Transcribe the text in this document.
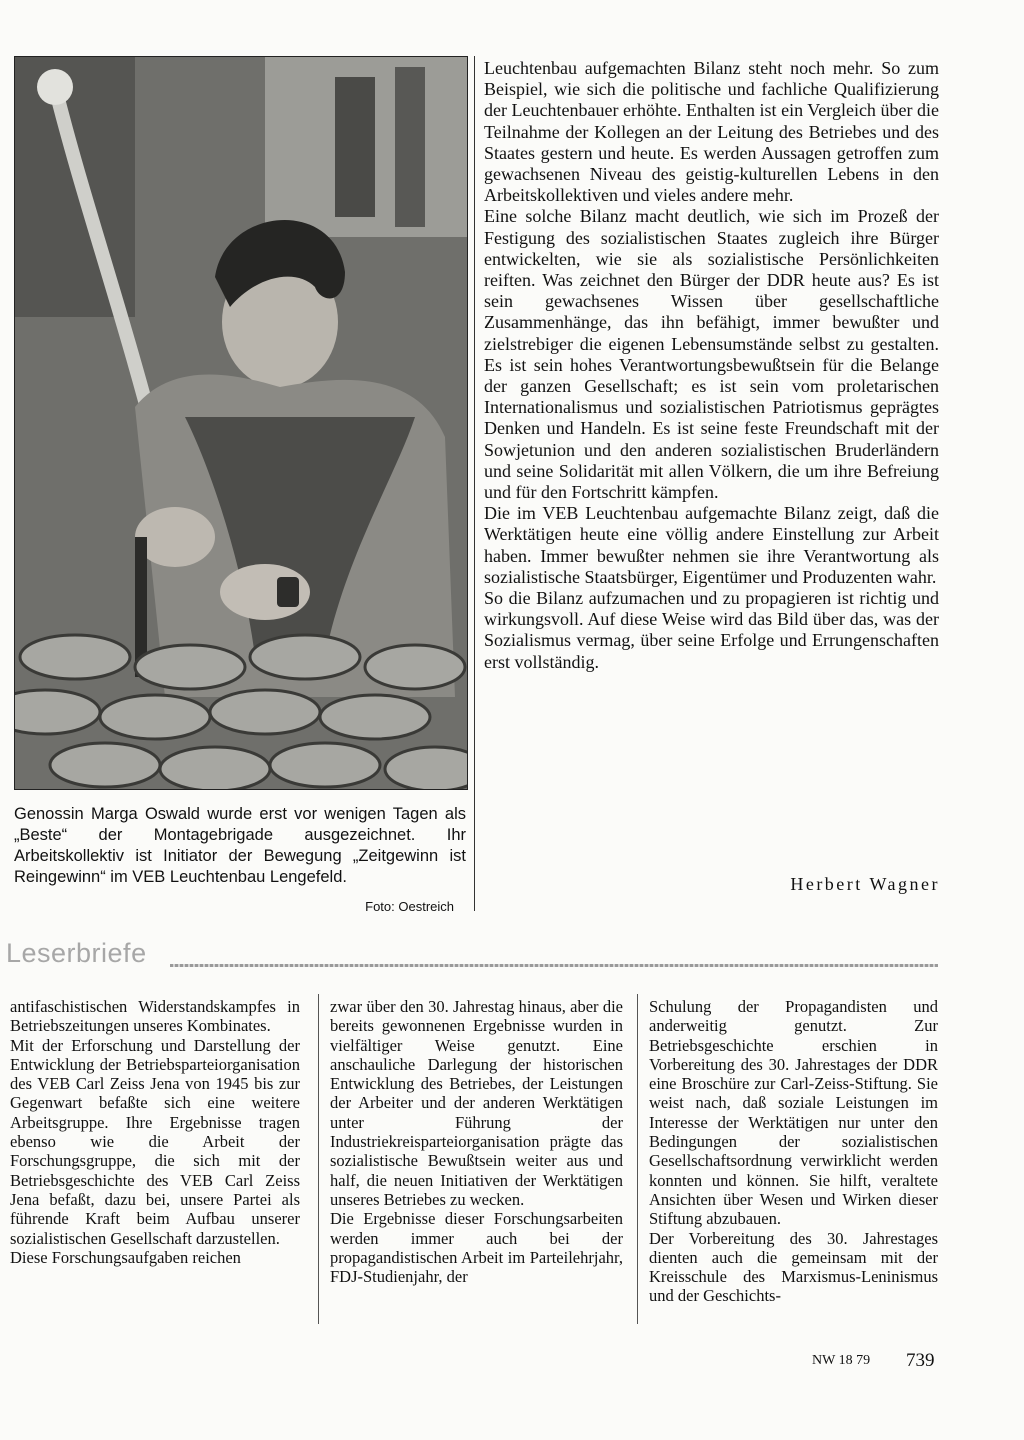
Genossin Marga Oswald wurde erst vor wenigen Tagen als „Beste“ der Montagebrigade ausgezeichnet. Ihr Arbeitskollektiv ist Initiator der Bewegung „Zeitgewinn ist Reingewinn“ im VEB Leuchtenbau Lengefeld.

Foto: Oestreich

Leuchtenbau aufgemachten Bilanz steht noch mehr. So zum Beispiel, wie sich die politische und fachliche Qualifizierung der Leuchtenbauer erhöhte. Enthalten ist ein Vergleich über die Teilnahme der Kollegen an der Leitung des Betriebes und des Staates gestern und heute. Es werden Aussagen getroffen zum gewachsenen Niveau des geistig-kulturellen Lebens in den Arbeitskollektiven und vieles andere mehr.

Eine solche Bilanz macht deutlich, wie sich im Prozeß der Festigung des sozialistischen Staates zugleich ihre Bürger entwickelten, wie sie als sozialistische Persönlichkeiten reiften. Was zeichnet den Bürger der DDR heute aus? Es ist sein gewachsenes Wissen über gesellschaftliche Zusammenhänge, das ihn befähigt, immer bewußter und zielstrebiger die eigenen Lebensumstände selbst zu gestalten. Es ist sein hohes Verantwortungsbewußtsein für die Belange der ganzen Gesellschaft; es ist sein vom proletarischen Internationalismus und sozialistischen Patriotismus geprägtes Denken und Handeln. Es ist seine feste Freundschaft mit der Sowjetunion und den anderen sozialistischen Bruderländern und seine Solidarität mit allen Völkern, die um ihre Befreiung und für den Fortschritt kämpfen.

Die im VEB Leuchtenbau aufgemachte Bilanz zeigt, daß die Werktätigen heute eine völlig andere Einstellung zur Arbeit haben. Immer bewußter nehmen sie ihre Verantwortung als sozialistische Staatsbürger, Eigentümer und Produzenten wahr.

So die Bilanz aufzumachen und zu propagieren ist richtig und wirkungsvoll. Auf diese Weise wird das Bild über das, was der Sozialismus vermag, über seine Erfolge und Errungenschaften erst vollständig.

Herbert Wagner
Leserbriefe

antifaschistischen Widerstandskampfes in Betriebszeitungen unseres Kombinates.

Mit der Erforschung und Darstellung der Entwicklung der Betriebsparteiorganisation des VEB Carl Zeiss Jena von 1945 bis zur Gegenwart befaßte sich eine weitere Arbeitsgruppe. Ihre Ergebnisse tragen ebenso wie die Arbeit der Forschungsgruppe, die sich mit der Betriebsgeschichte des VEB Carl Zeiss Jena befaßt, dazu bei, unsere Partei als führende Kraft beim Aufbau unserer sozialistischen Gesellschaft darzustellen.

Diese Forschungsaufgaben reichen

zwar über den 30. Jahrestag hinaus, aber die bereits gewonnenen Ergebnisse wurden in vielfältiger Weise genutzt. Eine anschauliche Darlegung der historischen Entwicklung des Betriebes, der Leistungen der Arbeiter und der anderen Werktätigen unter Führung der Industriekreisparteiorganisation prägte das sozialistische Bewußtsein weiter aus und half, die neuen Initiativen der Werktätigen unseres Betriebes zu wecken.

Die Ergebnisse dieser Forschungsarbeiten werden immer auch bei der propagandistischen Arbeit im Parteilehrjahr, FDJ-Studienjahr, der

Schulung der Propagandisten und anderweitig genutzt. Zur Betriebsgeschichte erschien in Vorbereitung des 30. Jahrestages der DDR eine Broschüre zur Carl-Zeiss-Stiftung. Sie weist nach, daß soziale Leistungen im Interesse der Werktätigen nur unter den Bedingungen der sozialistischen Gesellschaftsordnung verwirklicht werden konnten und können. Sie hilft, veraltete Ansichten über Wesen und Wirken dieser Stiftung abzubauen.

Der Vorbereitung des 30. Jahrestages dienten auch die gemeinsam mit der Kreisschule des Marxismus-Leninismus und der Geschichts-

NW 18 79 739
